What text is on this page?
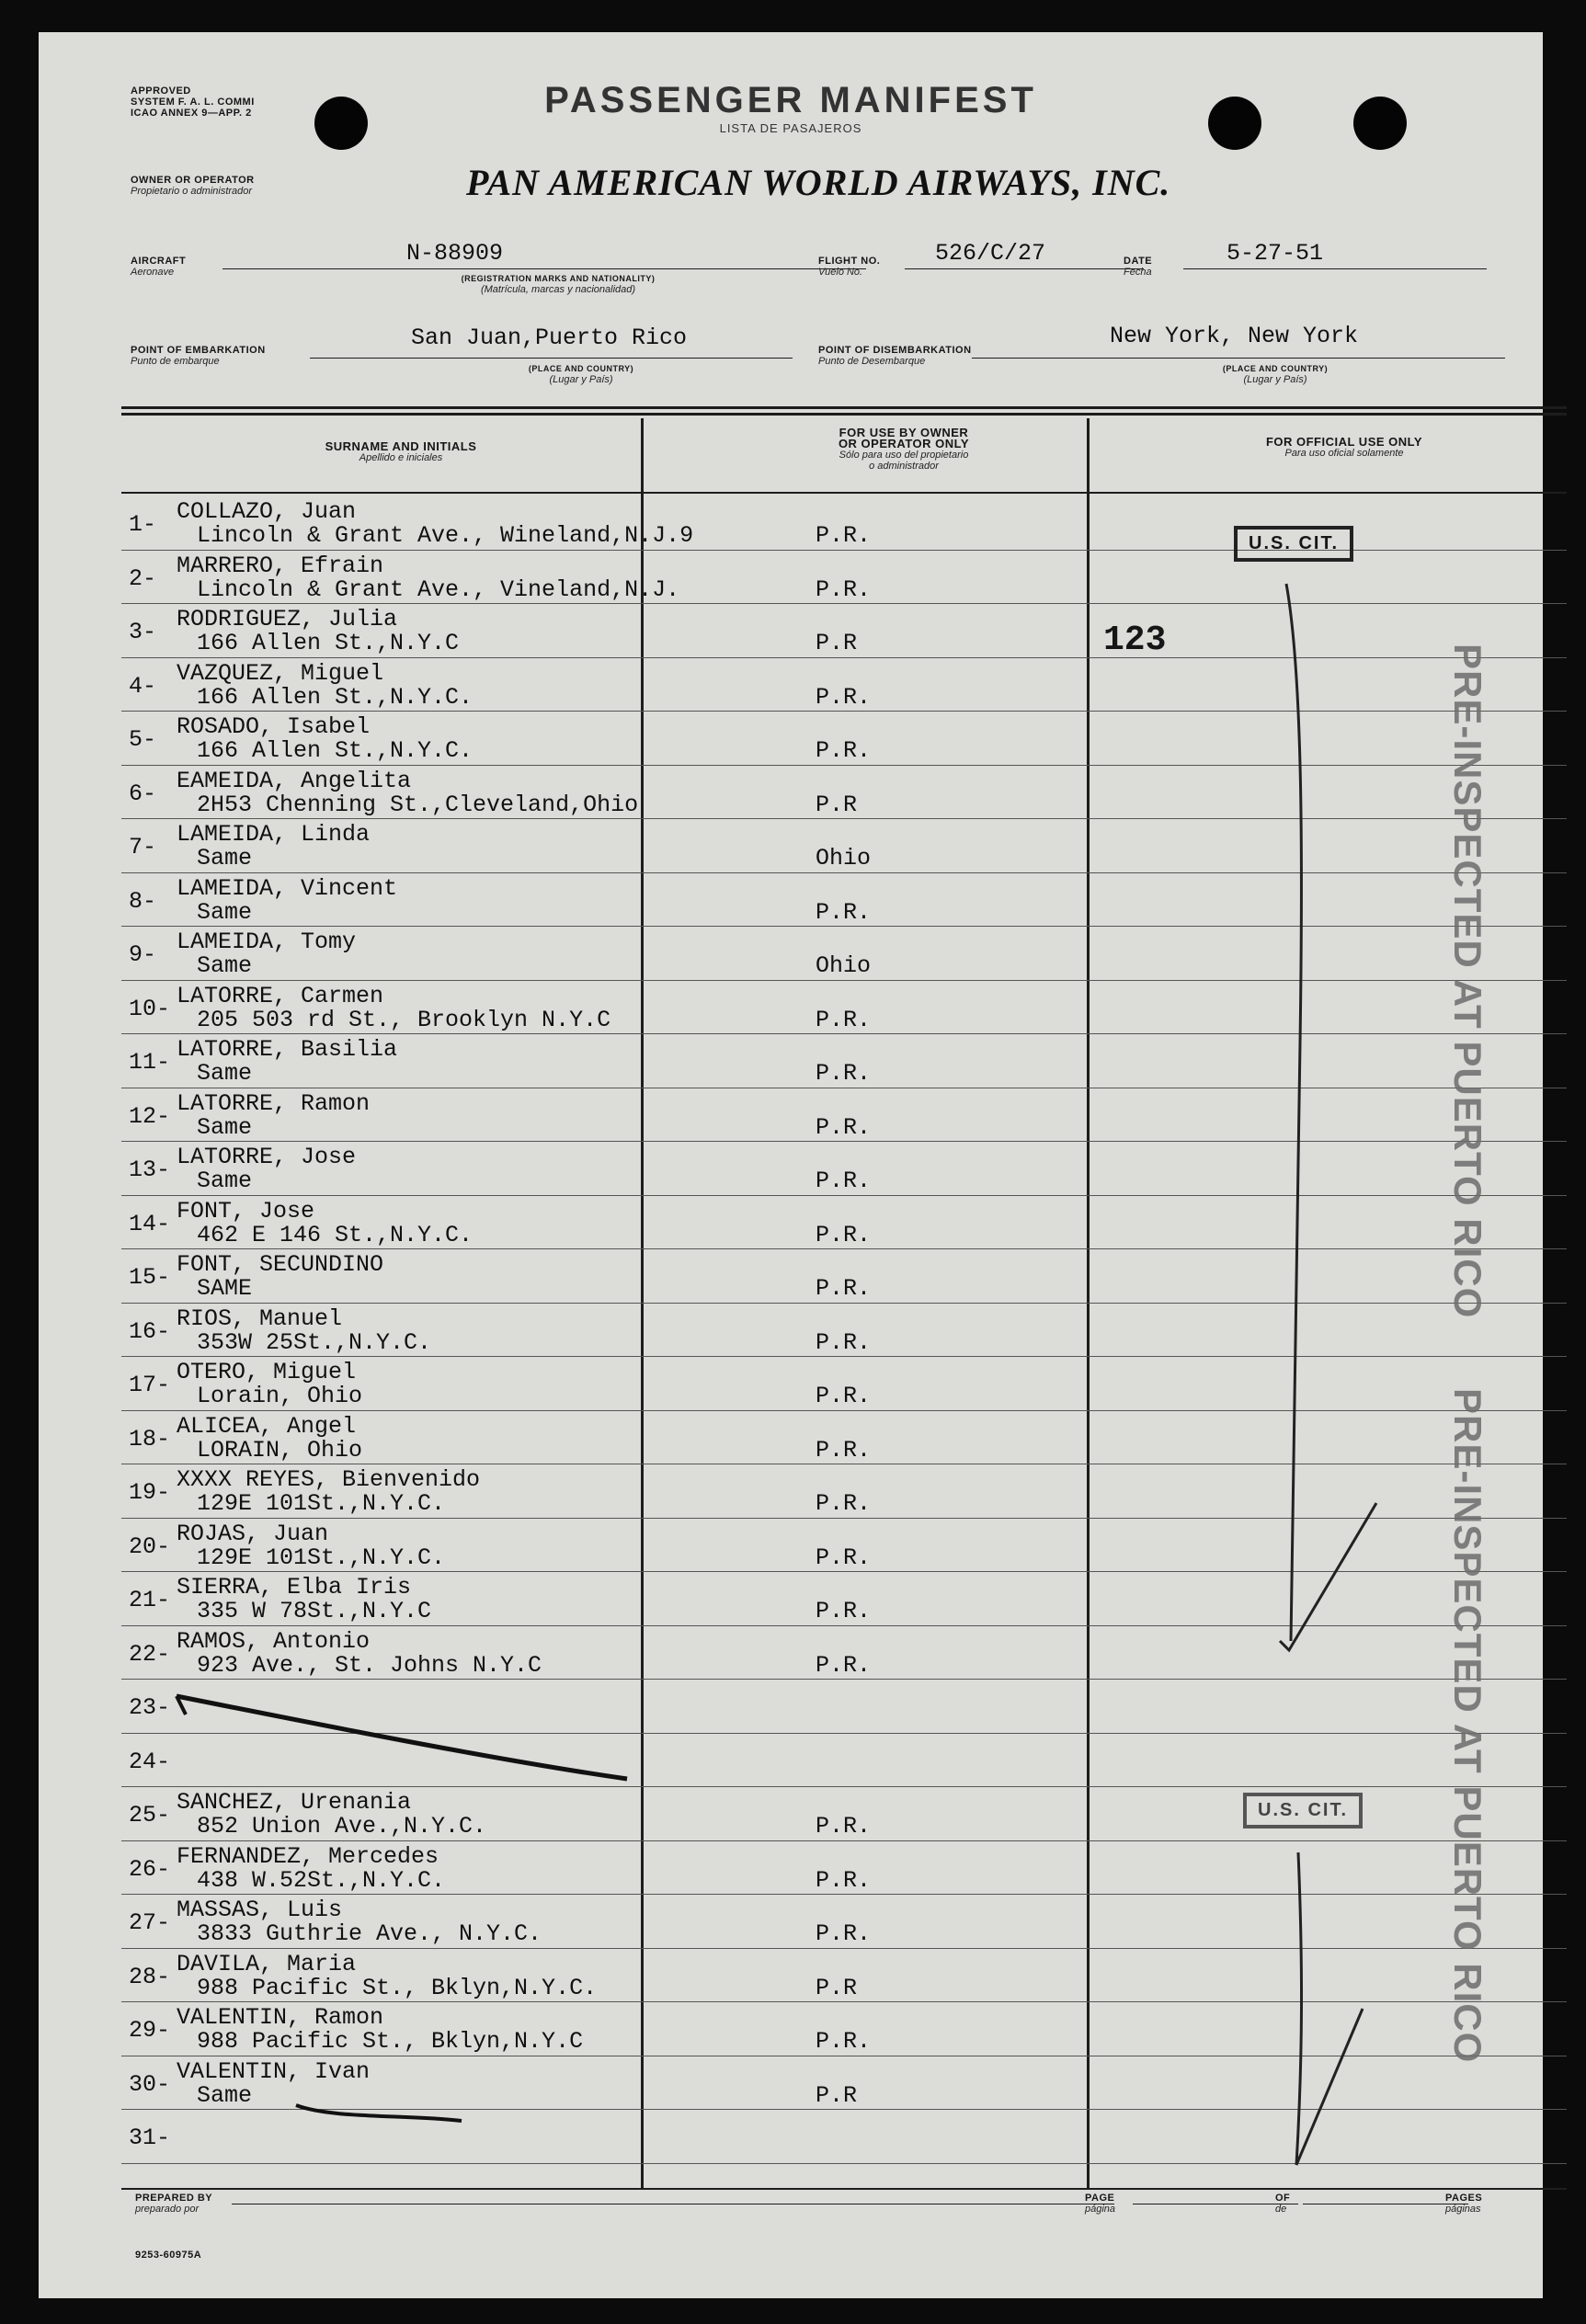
APPROVED
SYSTEM F. A. L. COMMI
ICAO ANNEX 9—APP. 2	PASSENGER MANIFEST
LISTA DE PASAJEROS
OWNER OR OPERATOR
Propietario o administrador	PAN AMERICAN WORLD AIRWAYS, INC.
AIRCRAFT
Aeronave
N-88909
(REGISTRATION MARKS AND NATIONALITY)
(Matrícula, marcas y nacionalidad)
FLIGHT NO.
Vuelo No.
526/C/27	DATE
Fecha
5-27-51
POINT OF EMBARKATION
Punto de embarque
San Juan,Puerto Rico
(PLACE AND COUNTRY)
(Lugar y País)
POINT OF DISEMBARKATION
Punto de Desembarque
New York, New York
(PLACE AND COUNTRY)
(Lugar y País)
SURNAME AND INITIALS
Apellido e iniciales
FOR USE BY OWNER
OR OPERATOR ONLY
Sólo para uso del propietario
o administrador
FOR OFFICIAL USE ONLY
Para uso oficial solamente
1- COLLAZO, Juan
Lincoln & Grant Ave., Wineland,N.J.9	P.R.
2- MARRERO, Efrain
Lincoln & Grant Ave., Vineland,N.J.	P.R.
3- RODRIGUEZ, Julia
166 Allen St.,N.Y.C	P.R
4- VAZQUEZ, Miguel
166 Allen St.,N.Y.C.	P.R.
5- ROSADO, Isabel
166 Allen St.,N.Y.C.	P.R.
6- EAMEIDA, Angelita
2H53 Chenning St.,Cleveland,Ohio	P.R
7- LAMEIDA, Linda
Same	Ohio
8- LAMEIDA, Vincent
Same	P.R.
9- LAMEIDA, Tomy
Same	Ohio
10- LATORRE, Carmen
205 503 rd St., Brooklyn N.Y.C	P.R.
11- LATORRE, Basilia
Same	P.R.
12- LATORRE, Ramon
Same	P.R.
13- LATORRE, Jose
Same	P.R.
14- FONT, Jose
462 E 146 St.,N.Y.C.	P.R.
15- FONT, SECUNDINO
SAME	P.R.
16- RIOS, Manuel
353W 25St.,N.Y.C.	P.R.
17- OTERO, Miguel
Lorain, Ohio	P.R.
18- ALICEA, Angel
LORAIN, Ohio	P.R.
19- XXXX REYES, Bienvenido
129E 101St.,N.Y.C.	P.R.
20- ROJAS, Juan
129E 101St.,N.Y.C.	P.R.
21- SIERRA, Elba Iris
335 W 78St.,N.Y.C	P.R.
22- RAMOS, Antonio
923 Ave., St. Johns N.Y.C	P.R.
23-
24-
25- SANCHEZ, Urenania
852 Union Ave.,N.Y.C.	P.R.
26- FERNANDEZ, Mercedes
438 W.52St.,N.Y.C.	P.R.
27- MASSAS, Luis
3833 Guthrie Ave., N.Y.C.	P.R.
28- DAVILA, Maria
988 Pacific St., Bklyn,N.Y.C.	P.R
29- VALENTIN, Ramon
988 Pacific St., Bklyn,N.Y.C	P.R.
30- VALENTIN, Ivan
Same	P.R
31-
U.S. CIT.
U.S. CIT.
123
PRE-INSPECTED AT PUERTO RICO
PRE-INSPECTED AT PUERTO RICO
PREPARED BY
preparado por
PAGE
página
OF
de
PAGES
páginas
9253-60975A
